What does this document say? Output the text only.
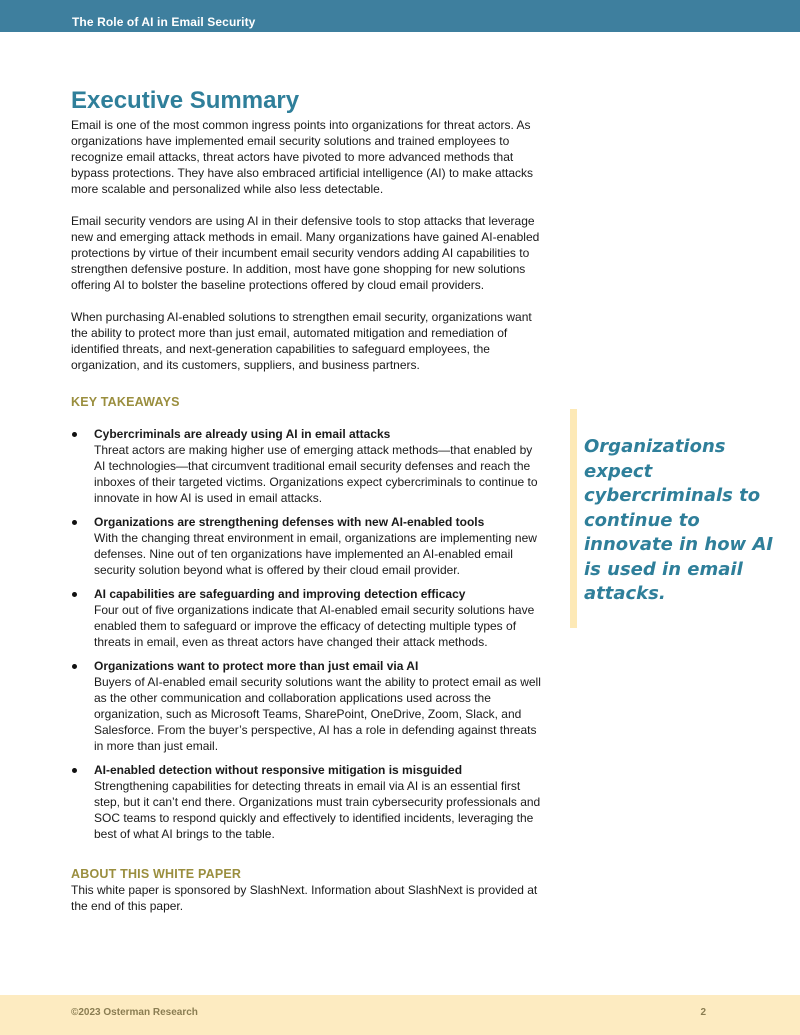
The Role of AI in Email Security
Executive Summary

Email is one of the most common ingress points into organizations for threat actors. As organizations have implemented email security solutions and trained employees to recognize email attacks, threat actors have pivoted to more advanced methods that bypass protections. They have also embraced artificial intelligence (AI) to make attacks more scalable and personalized while also less detectable.

Email security vendors are using AI in their defensive tools to stop attacks that leverage new and emerging attack methods in email. Many organizations have gained AI-enabled protections by virtue of their incumbent email security vendors adding AI capabilities to strengthen defensive posture. In addition, most have gone shopping for new solutions offering AI to bolster the baseline protections offered by cloud email providers.

When purchasing AI-enabled solutions to strengthen email security, organizations want the ability to protect more than just email, automated mitigation and remediation of identified threats, and next-generation capabilities to safeguard employees, the organization, and its customers, suppliers, and business partners.

KEY TAKEAWAYS
Cybercriminals are already using AI in email attacks
Threat actors are making higher use of emerging attack methods—that enabled by AI technologies—that circumvent traditional email security defenses and reach the inboxes of their targeted victims. Organizations expect cybercriminals to continue to innovate in how AI is used in email attacks.
Organizations are strengthening defenses with new AI-enabled tools
With the changing threat environment in email, organizations are implementing new defenses. Nine out of ten organizations have implemented an AI-enabled email security solution beyond what is offered by their cloud email provider.
AI capabilities are safeguarding and improving detection efficacy
Four out of five organizations indicate that AI-enabled email security solutions have enabled them to safeguard or improve the efficacy of detecting multiple types of threats in email, even as threat actors have changed their attack methods.
Organizations want to protect more than just email via AI
Buyers of AI-enabled email security solutions want the ability to protect email as well as the other communication and collaboration applications used across the organization, such as Microsoft Teams, SharePoint, OneDrive, Zoom, Slack, and Salesforce. From the buyer’s perspective, AI has a role in defending against threats in more than just email.
AI-enabled detection without responsive mitigation is misguided
Strengthening capabilities for detecting threats in email via AI is an essential first step, but it can’t end there. Organizations must train cybersecurity professionals and SOC teams to respond quickly and effectively to identified incidents, leveraging the best of what AI brings to the table.
ABOUT THIS WHITE PAPER

This white paper is sponsored by SlashNext. Information about SlashNext is provided at the end of this paper.

Organizations expect cybercriminals to continue to innovate in how AI is used in email attacks.
©2023 Osterman Research	2
